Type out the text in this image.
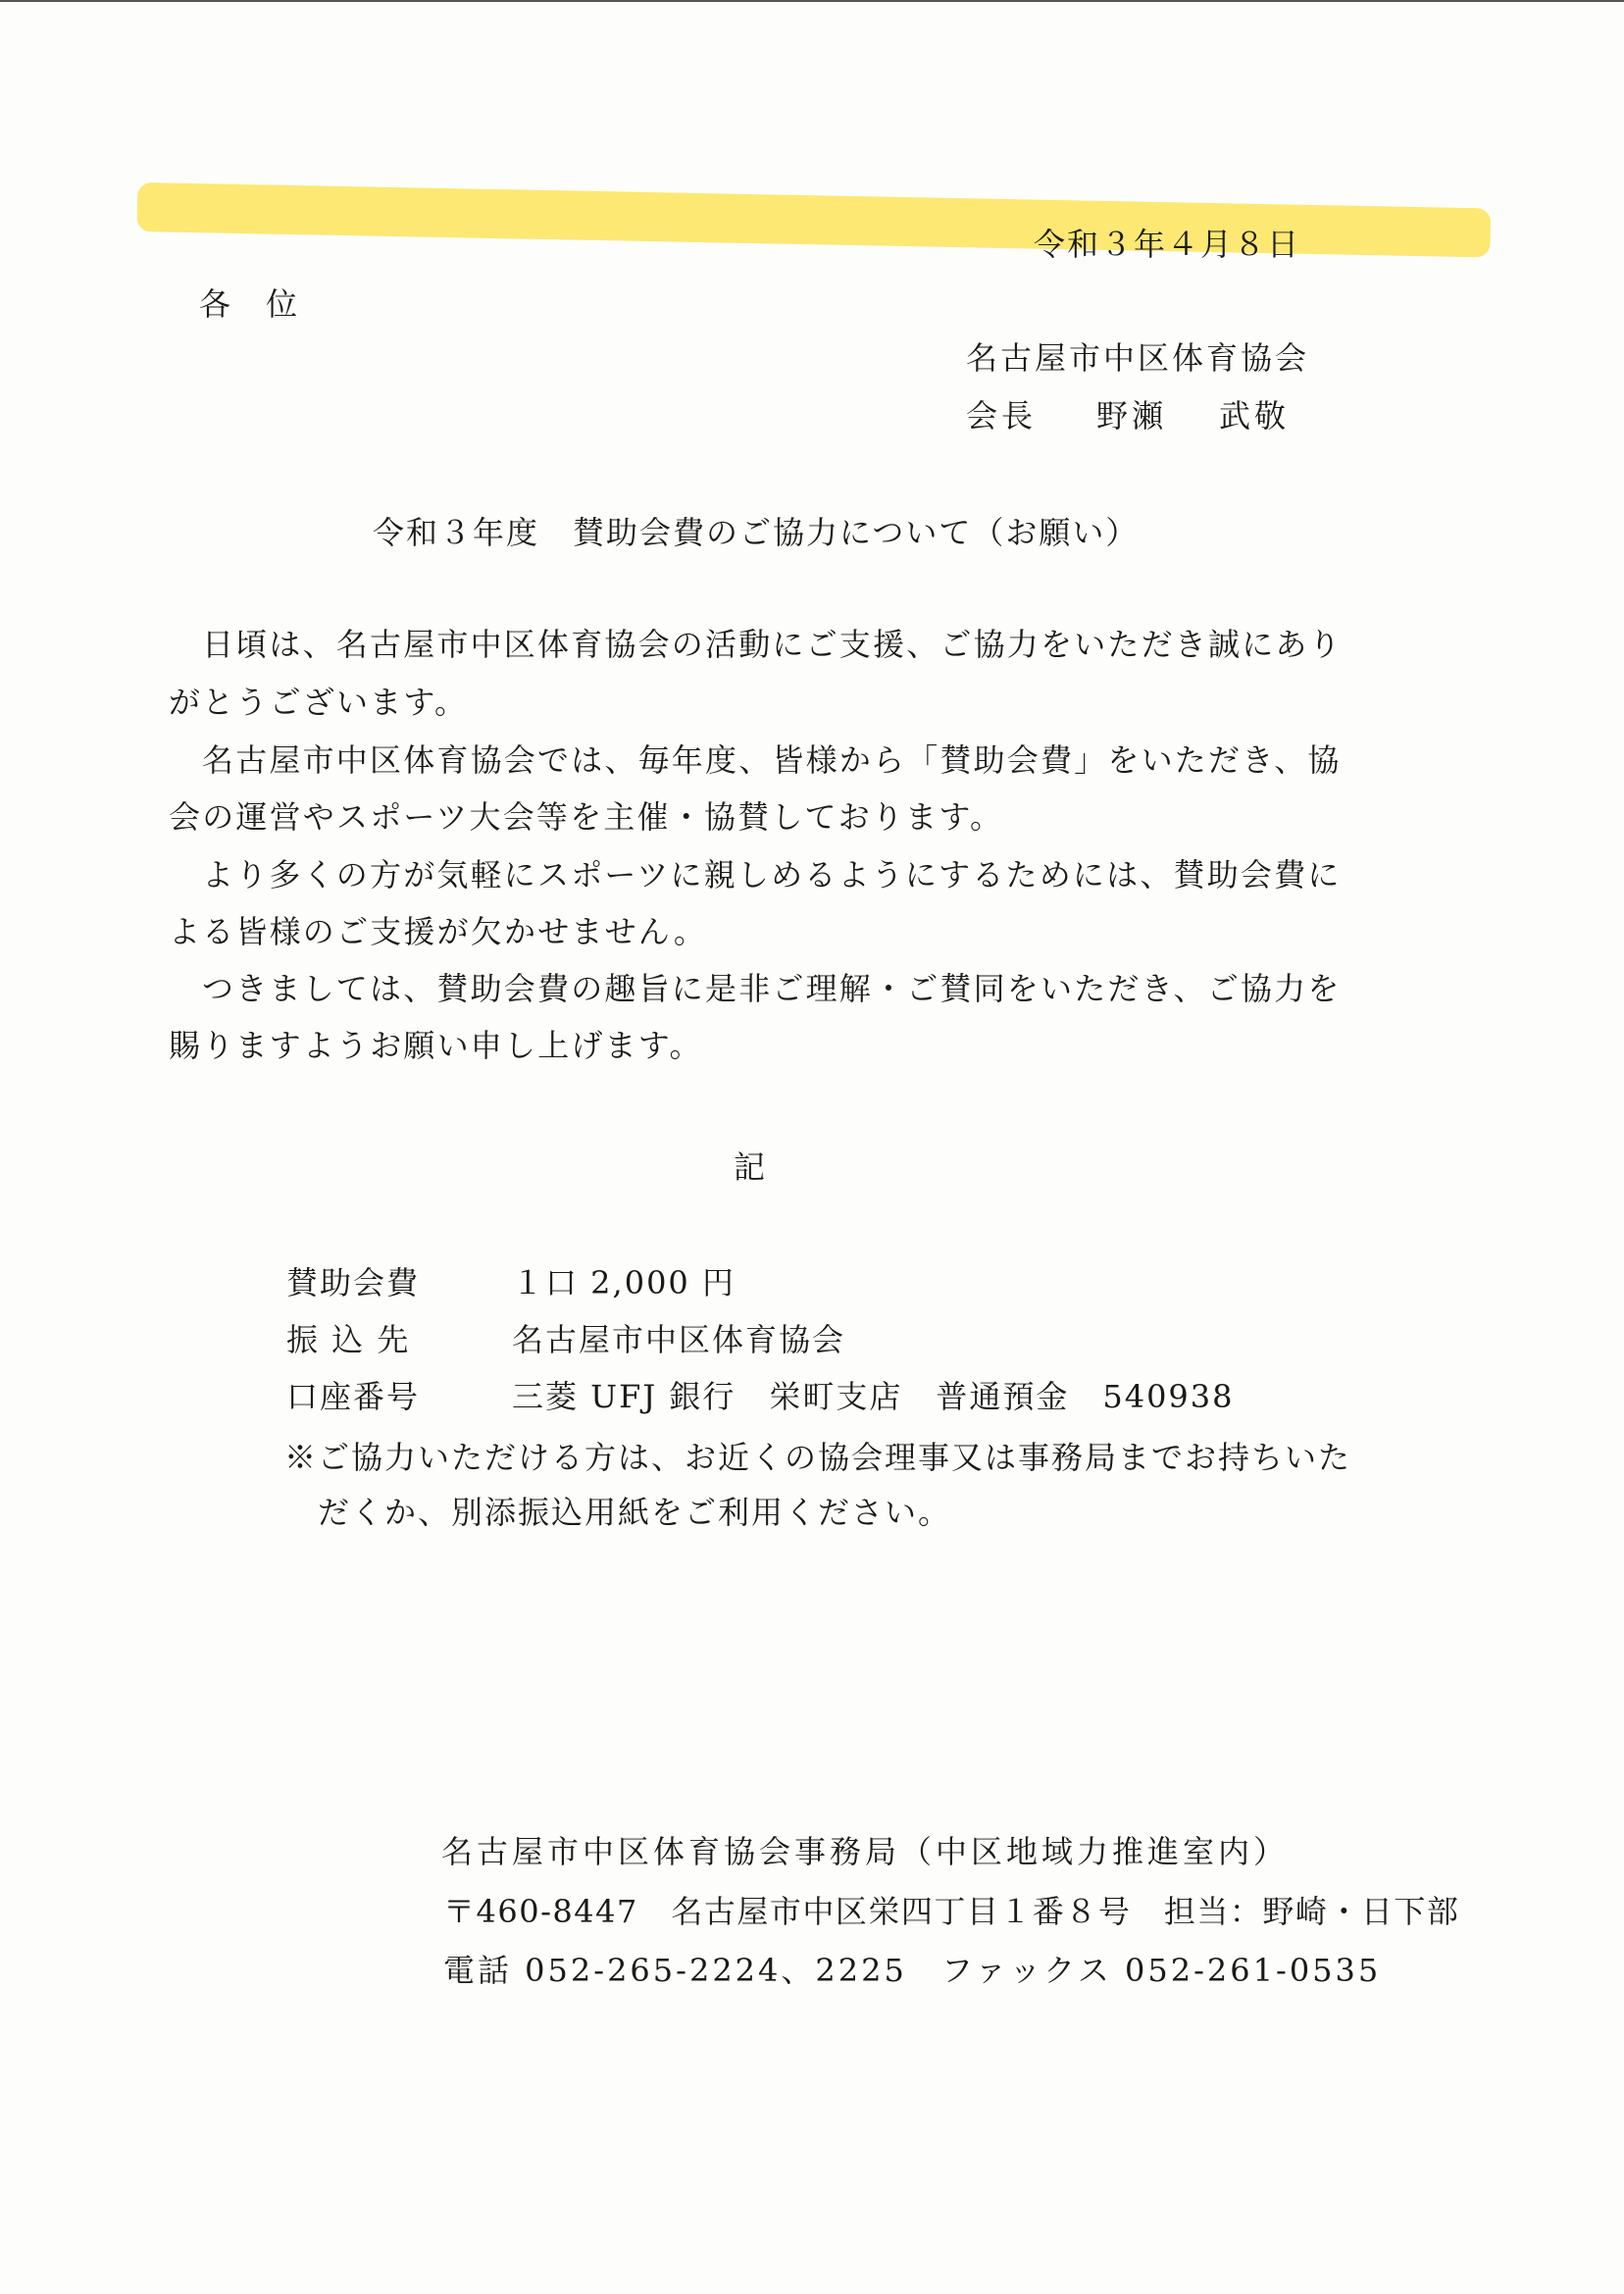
令和３年４月８日
各位
名古屋市中区体育協会
会長 野瀬 武敬
令和３年度　賛助会費のご協力について（お願い）
日頃は、名古屋市中区体育協会の活動にご支援、ご協力をいただき誠にあり
がとうございます。
名古屋市中区体育協会では、毎年度、皆様から「賛助会費」をいただき、協
会の運営やスポーツ大会等を主催・協賛しております。
より多くの方が気軽にスポーツに親しめるようにするためには、賛助会費に
よる皆様のご支援が欠かせません。
つきましては、賛助会費の趣旨に是非ご理解・ご賛同をいただき、ご協力を
賜りますようお願い申し上げます。
記
賛助会費	１口 2,000 円
振 込 先	名古屋市中区体育協会
口座番号	三菱 UFJ 銀行　栄町支店　普通預金　540938
※ご協力いただける方は、お近くの協会理事又は事務局までお持ちいた
だくか、別添振込用紙をご利用ください。
名古屋市中区体育協会事務局（中区地域力推進室内）
〒460-8447　名古屋市中区栄四丁目１番８号　担当：野崎・日下部
電話 052-265-2224、2225　ファックス 052-261-0535
